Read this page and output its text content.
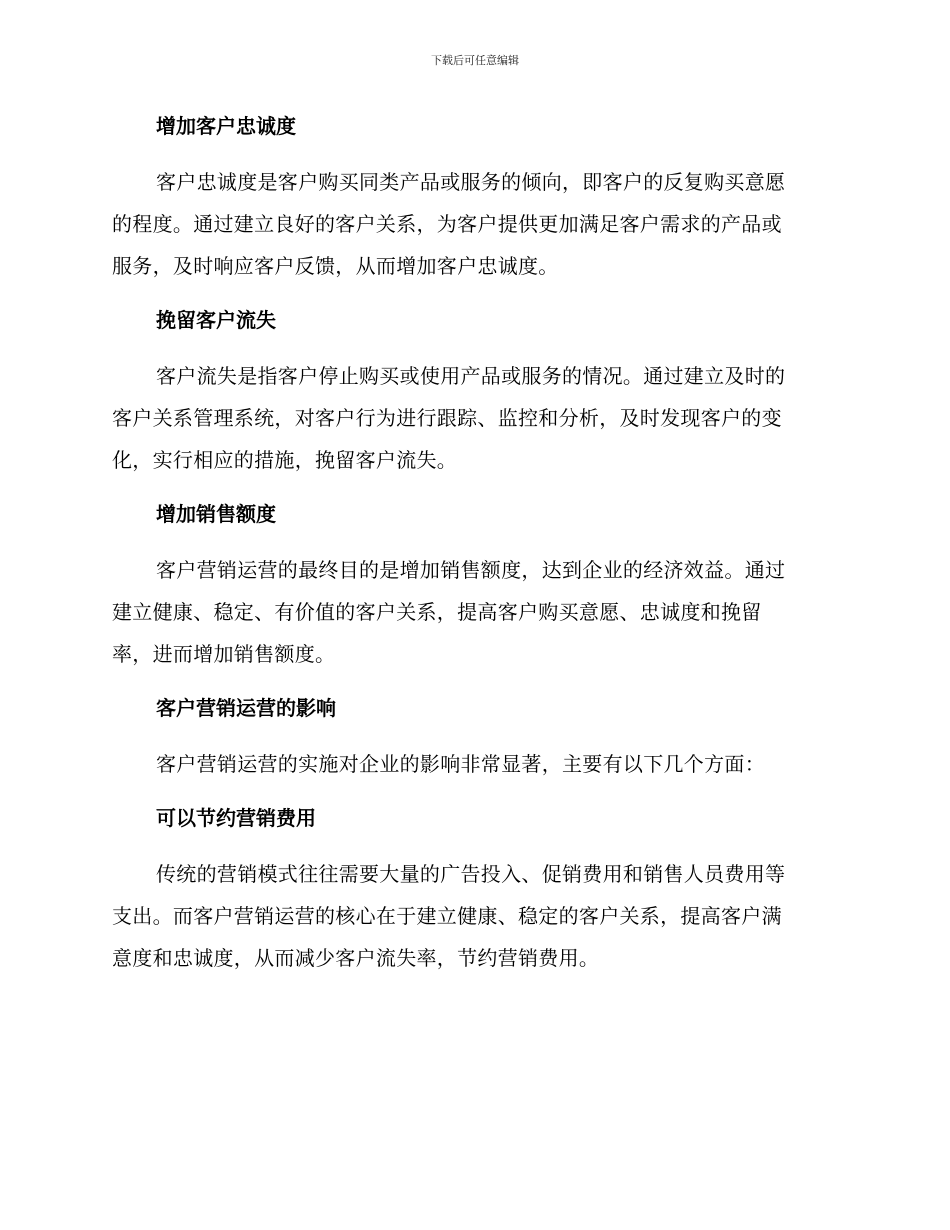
下载后可任意编辑
增加客户忠诚度
客户忠诚度是客户购买同类产品或服务的倾向，即客户的反复购买意愿
的程度。通过建立良好的客户关系，为客户提供更加满足客户需求的产品或
服务，及时响应客户反馈，从而增加客户忠诚度。
挽留客户流失
客户流失是指客户停止购买或使用产品或服务的情况。通过建立及时的
客户关系管理系统，对客户行为进行跟踪、监控和分析，及时发现客户的变
化，实行相应的措施，挽留客户流失。
增加销售额度
客户营销运营的最终目的是增加销售额度，达到企业的经济效益。通过
建立健康、稳定、有价值的客户关系，提高客户购买意愿、忠诚度和挽留
率，进而增加销售额度。
客户营销运营的影响
客户营销运营的实施对企业的影响非常显著，主要有以下几个方面：
可以节约营销费用
传统的营销模式往往需要大量的广告投入、促销费用和销售人员费用等
支出。而客户营销运营的核心在于建立健康、稳定的客户关系，提高客户满
意度和忠诚度，从而减少客户流失率，节约营销费用。
